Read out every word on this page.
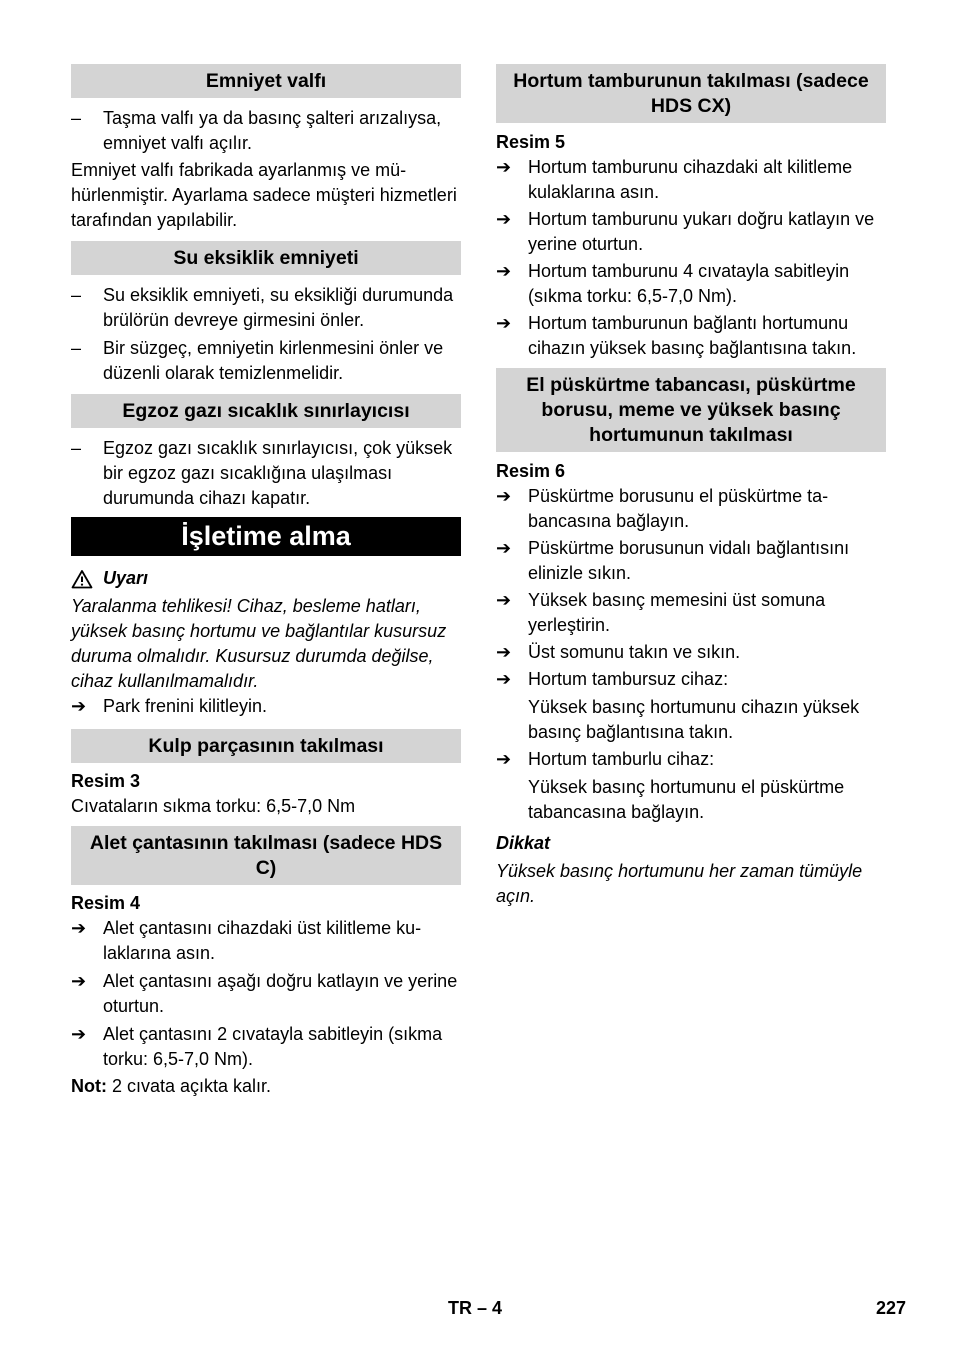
Emniyet valfı
–	Taşma valfı ya da basınç şalteri arızalıysa, emniyet valfı açılır.

Emniyet valfı fabrikada ayarlanmış ve mühürlenmiştir. Ayarlama sadece müşteri hizmetleri tarafından yapılabilir.

Su eksiklik emniyeti
–	Su eksiklik emniyeti, su eksikliği durumunda brülörün devreye girmesini önler.
–	Bir süzgeç, emniyetin kirlenmesini önler ve düzenli olarak temizlenmelidir.
Egzoz gazı sıcaklık sınırlayıcısı
–	Egzoz gazı sıcaklık sınırlayıcısı, çok yüksek bir egzoz gazı sıcaklığına ulaşılması durumunda cihazı kapatır.
İşletime alma
Uyarı

Yaralanma tehlikesi! Cihaz, besleme hatları, yüksek basınç hortumu ve bağlantılar kusursuz duruma olmalıdır. Kusursuz durumda değilse, cihaz kullanılmamalıdır.

➔ Park frenini kilitleyin.
Kulp parçasının takılması

Resim 3

Cıvataların sıkma torku: 6,5-7,0 Nm

Alet çantasının takılması (sadece HDS C)

Resim 4

➔ Alet çantasını cihazdaki üst kilitleme kulaklarına asın.
➔ Alet çantasını aşağı doğru katlayın ve yerine oturtun.
➔ Alet çantasını 2 cıvatayla sabitleyin (sıkma torku: 6,5-7,0 Nm).

Not: 2 cıvata açıkta kalır.

Hortum tamburunun takılması (sadece HDS CX)

Resim 5

➔ Hortum tamburunu cihazdaki alt kilitleme kulaklarına asın.
➔ Hortum tamburunu yukarı doğru katlayın ve yerine oturtun.
➔ Hortum tamburunu 4 cıvatayla sabitleyin (sıkma torku: 6,5-7,0 Nm).
➔ Hortum tamburunun bağlantı hortumunu cihazın yüksek basınç bağlantısına takın.
El püskürtme tabancası, püskürtme borusu, meme ve yüksek basınç hortumunun takılması

Resim 6

➔ Püskürtme borusunu el püskürtme tabancasına bağlayın.
➔ Püskürtme borusunun vidalı bağlantısını elinizle sıkın.
➔ Yüksek basınç memesini üst somuna yerleştirin.
➔ Üst somunu takın ve sıkın.
➔ Hortum tambursuz cihaz:

Yüksek basınç hortumunu cihazın yüksek basınç bağlantısına takın.

➔ Hortum tamburlu cihaz:

Yüksek basınç hortumunu el püskürtme tabancasına bağlayın.

Dikkat

Yüksek basınç hortumunu her zaman tümüyle açın.

TR – 4	227
